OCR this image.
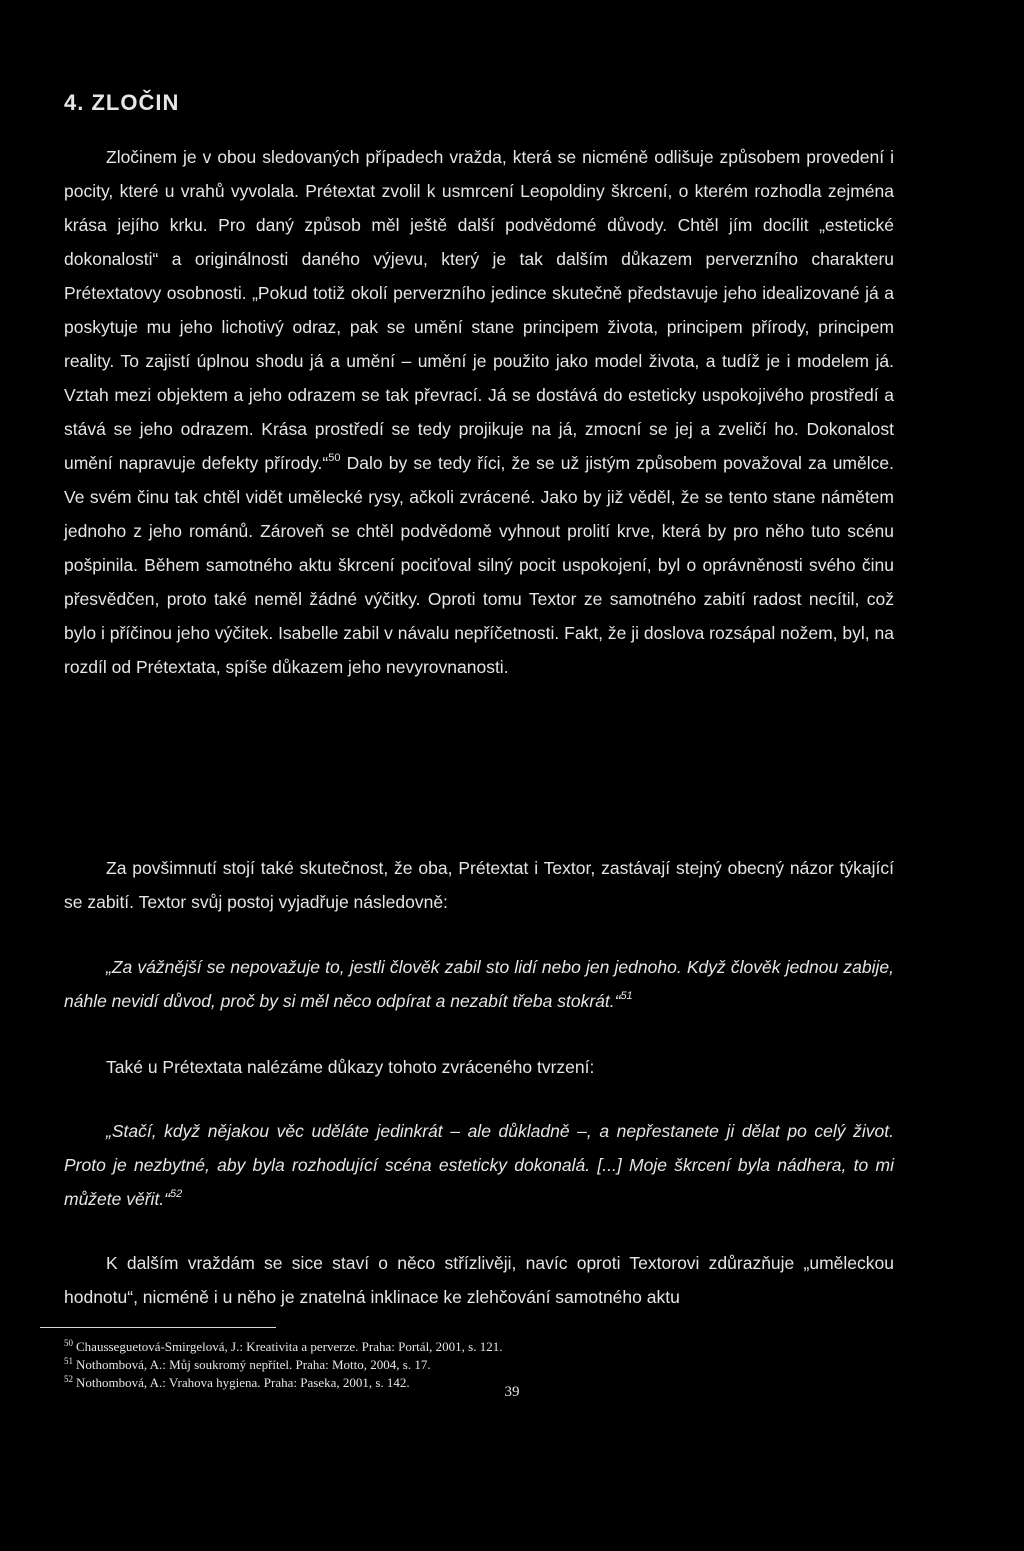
4. ZLOČIN
Zločinem je v obou sledovaných případech vražda, která se nicméně odlišuje způsobem provedení i pocity, které u vrahů vyvolala. Prétextat zvolil k usmrcení Leopoldiny škrcení, o kterém rozhodla zejména krása jejího krku. Pro daný způsob měl ještě další podvědomé důvody. Chtěl jím docílit „estetické dokonalosti“ a originálnosti daného výjevu, který je tak dalším důkazem perverzního charakteru Prétextatovy osobnosti. „Pokud totiž okolí perverzního jedince skutečně představuje jeho idealizované já a poskytuje mu jeho lichotivý odraz, pak se umění stane principem života, principem přírody, principem reality. To zajistí úplnou shodu já a umění – umění je použito jako model života, a tudíž je i modelem já. Vztah mezi objektem a jeho odrazem se tak převrací. Já se dostává do esteticky uspokojivého prostředí a stává se jeho odrazem. Krása prostředí se tedy projikuje na já, zmocní se jej a zveličí ho. Dokonalost umění napravuje defekty přírody.“$^{50}$ Dalo by se tedy říci, že se už jistým způsobem považoval za umělce. Ve svém činu tak chtěl vidět umělecké rysy, ačkoli zvrácené. Jako by již věděl, že se tento stane námětem jednoho z jeho románů. Zároveň se chtěl podvědomě vyhnout prolití krve, která by pro něho tuto scénu pošpinila. Během samotného aktu škrcení pociťoval silný pocit uspokojení, byl o oprávněnosti svého činu přesvědčen, proto také neměl žádné výčitky. Oproti tomu Textor ze samotného zabití radost necítil, což bylo i příčinou jeho výčitek. Isabelle zabil v návalu nepříčetnosti. Fakt, že ji doslova rozsápal nožem, byl, na rozdíl od Prétextata, spíše důkazem jeho nevyrovnanosti.
Za povšimnutí stojí také skutečnost, že oba, Prétextat i Textor, zastávají stejný obecný názor týkající se zabití. Textor svůj postoj vyjadřuje následovně:
„Za vážnější se nepovažuje to, jestli člověk zabil sto lidí nebo jen jednoho. Když člověk jednou zabije, náhle nevidí důvod, proč by si měl něco odpírat a nezabít třeba stokrát.“$^{51}$
Také u Prétextata nalézáme důkazy tohoto zvráceného tvrzení:
„Stačí, když nějakou věc uděláte jedinkrát – ale důkladně –, a nepřestanete ji dělat po celý život. Proto je nezbytné, aby byla rozhodující scéna esteticky dokonalá. [...] Moje škrcení byla nádhera, to mi můžete věřit.“$^{52}$
K dalším vraždám se sice staví o něco střízlivěji, navíc oproti Textorovi zdůrazňuje „uměleckou hodnotu“, nicméně i u něho je znatelná inklinace ke zlehčování samotného aktu
$^{50}$ Chausseguetová-Smirgelová, J.: Kreativita a perverze. Praha: Portál, 2001, s. 121.
$^{51}$ Nothombová, A.: Můj soukromý nepřítel. Praha: Motto, 2004, s. 17.
$^{52}$ Nothombová, A.: Vrahova hygiena. Praha: Paseka, 2001, s. 142.
39
